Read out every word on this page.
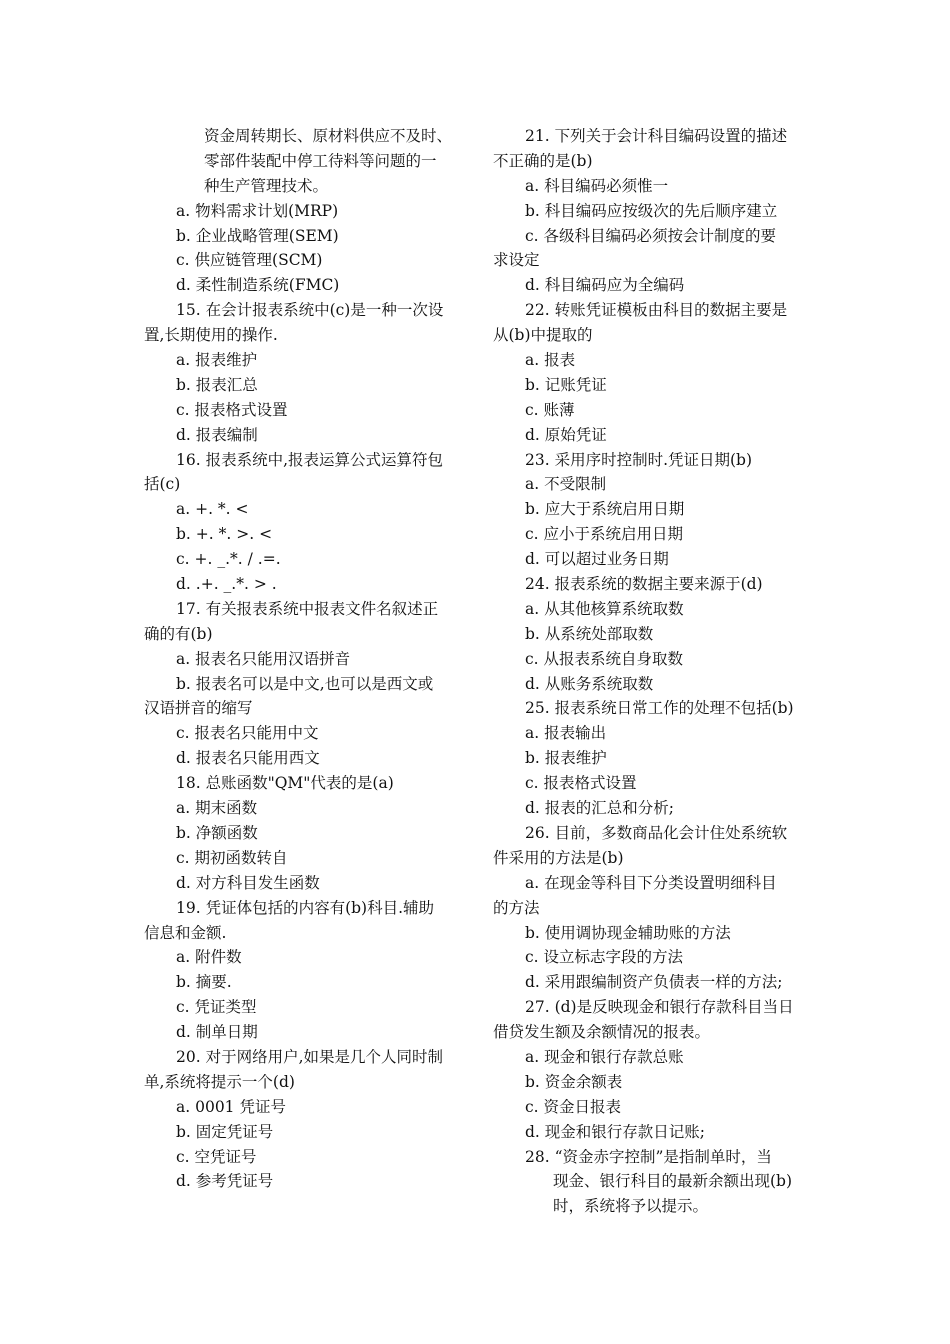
资金周转期长、原材料供应不及时、
零部件装配中停工待料等问题的一
种生产管理技术。
a. 物料需求计划(MRP)
b. 企业战略管理(SEM)
c. 供应链管理(SCM)
d. 柔性制造系统(FMC)
15. 在会计报表系统中(c)是一种一次设
置,长期使用的操作.
a. 报表维护
b. 报表汇总
c. 报表格式设置
d. 报表编制
16. 报表系统中,报表运算公式运算符包
括(c)
a. +. *. <
b. +. *. >. <
c. +. _.*. / .=.
d. .+. _.*. > .
17. 有关报表系统中报表文件名叙述正
确的有(b)
a. 报表名只能用汉语拼音
b. 报表名可以是中文,也可以是西文或
汉语拼音的缩写
c. 报表名只能用中文
d. 报表名只能用西文
18. 总账函数"QM"代表的是(a)
a. 期末函数
b. 净额函数
c. 期初函数转自
d. 对方科目发生函数
19. 凭证体包括的内容有(b)科目.辅助
信息和金额.
a. 附件数
b. 摘要.
c. 凭证类型
d. 制单日期
20. 对于网络用户,如果是几个人同时制
单,系统将提示一个(d)
a. 0001 凭证号
b. 固定凭证号
c. 空凭证号
d. 参考凭证号
21. 下列关于会计科目编码设置的描述
不正确的是(b)
a. 科目编码必须惟一
b. 科目编码应按级次的先后顺序建立
c. 各级科目编码必须按会计制度的要
求设定
d. 科目编码应为全编码
22. 转账凭证模板由科目的数据主要是
从(b)中提取的
a. 报表
b. 记账凭证
c. 账薄
d. 原始凭证
23. 采用序时控制时.凭证日期(b)
a. 不受限制
b. 应大于系统启用日期
c. 应小于系统启用日期
d. 可以超过业务日期
24. 报表系统的数据主要来源于(d)
a. 从其他核算系统取数
b. 从系统处部取数
c. 从报表系统自身取数
d. 从账务系统取数
25. 报表系统日常工作的处理不包括(b)
a. 报表输出
b. 报表维护
c. 报表格式设置
d. 报表的汇总和分析;
26. 目前，多数商品化会计住处系统软
件采用的方法是(b)
a. 在现金等科目下分类设置明细科目
的方法
b. 使用调协现金辅助账的方法
c. 设立标志字段的方法
d. 采用跟编制资产负债表一样的方法;
27. (d)是反映现金和银行存款科目当日
借贷发生额及余额情况的报表。
a. 现金和银行存款总账
b. 资金余额表
c. 资金日报表
d. 现金和银行存款日记账;
28. “资金赤字控制”是指制单时，当
现金、银行科目的最新余额出现(b)
时，系统将予以提示。
